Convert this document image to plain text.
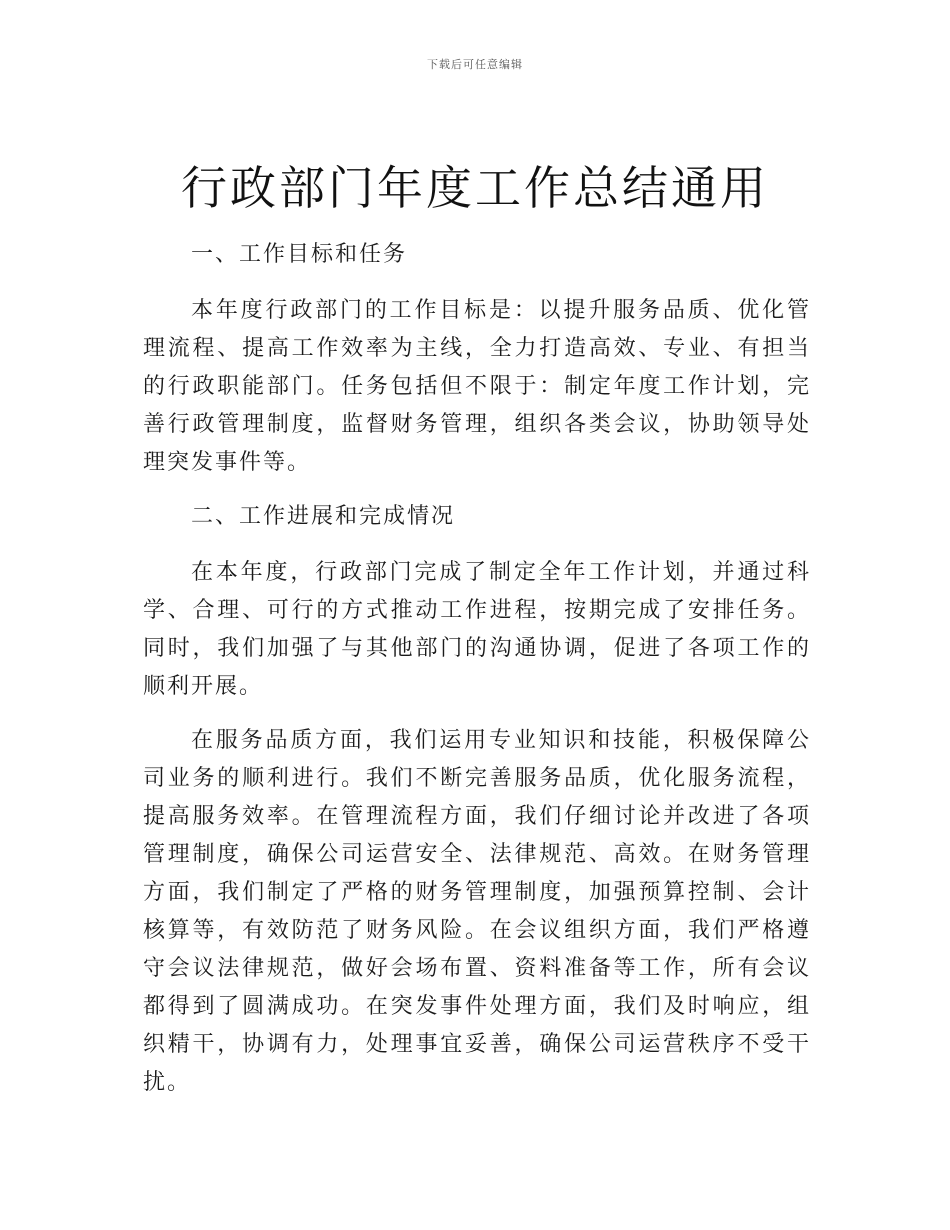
下载后可任意编辑
行政部门年度工作总结通用
一、工作目标和任务

本年度行政部门的工作目标是：以提升服务品质、优化管理流程、提高工作效率为主线，全力打造高效、专业、有担当的行政职能部门。任务包括但不限于：制定年度工作计划，完善行政管理制度，监督财务管理，组织各类会议，协助领导处理突发事件等。

二、工作进展和完成情况

在本年度，行政部门完成了制定全年工作计划，并通过科学、合理、可行的方式推动工作进程，按期完成了安排任务。同时，我们加强了与其他部门的沟通协调，促进了各项工作的顺利开展。

在服务品质方面，我们运用专业知识和技能，积极保障公司业务的顺利进行。我们不断完善服务品质，优化服务流程，提高服务效率。在管理流程方面，我们仔细讨论并改进了各项管理制度，确保公司运营安全、法律规范、高效。在财务管理方面，我们制定了严格的财务管理制度，加强预算控制、会计核算等，有效防范了财务风险。在会议组织方面，我们严格遵守会议法律规范，做好会场布置、资料准备等工作，所有会议都得到了圆满成功。在突发事件处理方面，我们及时响应，组织精干，协调有力，处理事宜妥善，确保公司运营秩序不受干扰。
